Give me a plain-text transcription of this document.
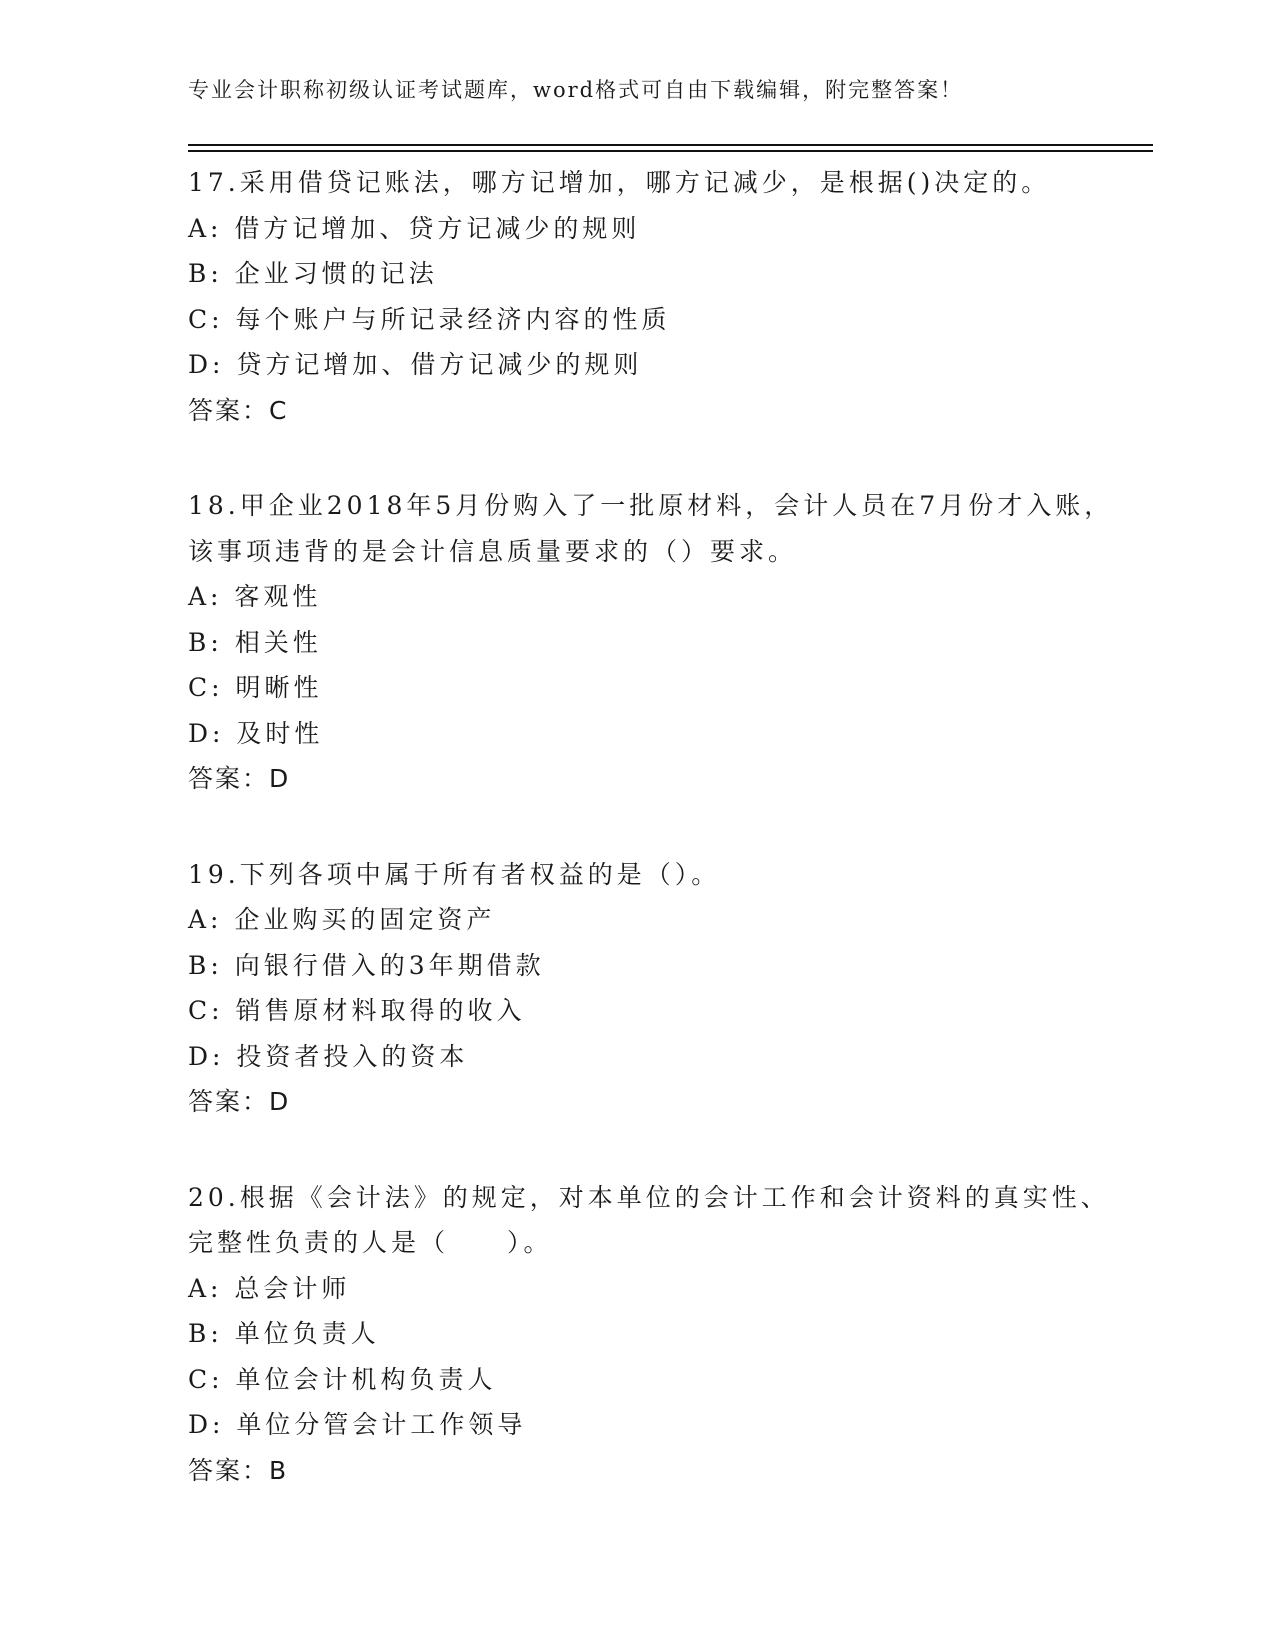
专业会计职称初级认证考试题库，word格式可自由下载编辑，附完整答案！
17.采用借贷记账法，哪方记增加，哪方记减少，是根据()决定的。
A: 借方记增加、贷方记减少的规则
B: 企业习惯的记法
C: 每个账户与所记录经济内容的性质
D: 贷方记增加、借方记减少的规则
答案：C
18.甲企业2018年5月份购入了一批原材料，会计人员在7月份才入账，该事项违背的是会计信息质量要求的（）要求。
A: 客观性
B: 相关性
C: 明晰性
D: 及时性
答案：D
19.下列各项中属于所有者权益的是（）。
A: 企业购买的固定资产
B: 向银行借入的3年期借款
C: 销售原材料取得的收入
D: 投资者投入的资本
答案：D
20.根据《会计法》的规定，对本单位的会计工作和会计资料的真实性、完整性负责的人是（　　）。
A: 总会计师
B: 单位负责人
C: 单位会计机构负责人
D: 单位分管会计工作领导
答案：B
